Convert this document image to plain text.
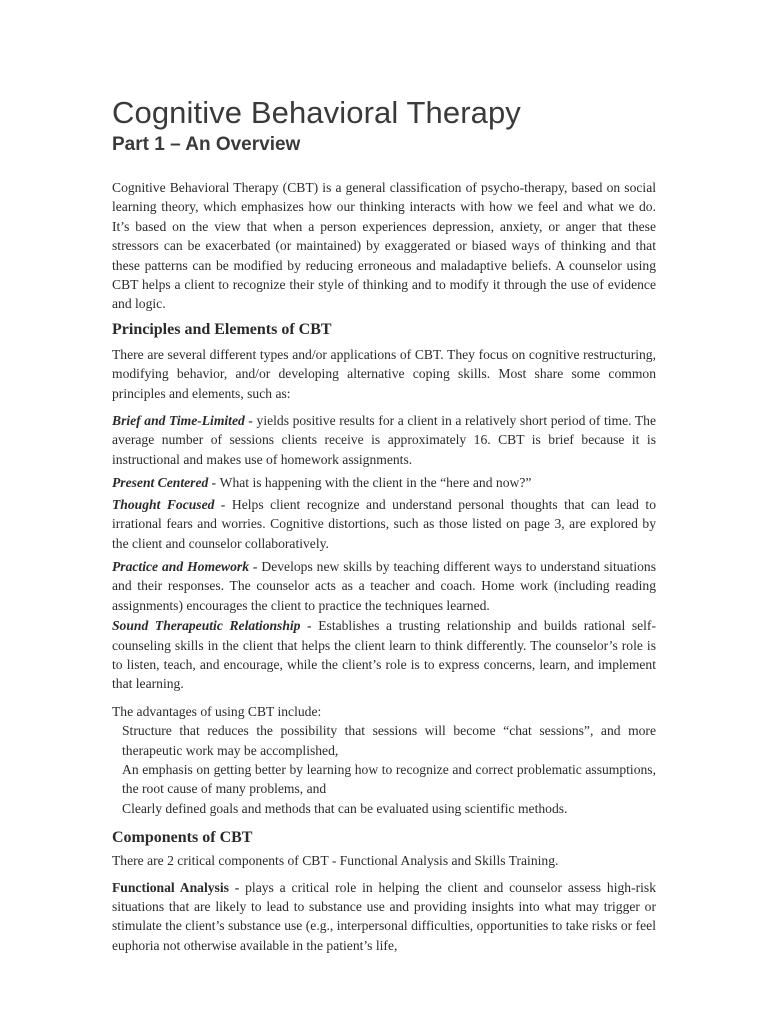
Cognitive Behavioral Therapy
Part 1 – An Overview

Cognitive Behavioral Therapy (CBT) is a general classification of psycho-therapy, based on social learning theory, which emphasizes how our thinking interacts with how we feel and what we do. It’s based on the view that when a person experiences depression, anxiety, or anger that these stressors can be exacerbated (or maintained) by exaggerated or biased ways of thinking and that these patterns can be modified by reducing erroneous and maladaptive beliefs. A counselor using CBT helps a client to recognize their style of thinking and to modify it through the use of evidence and logic.

Principles and Elements of CBT

There are several different types and/or applications of CBT. They focus on cognitive restructuring, modifying behavior, and/or developing alternative coping skills. Most share some common principles and elements, such as:

Brief and Time-Limited - yields positive results for a client in a relatively short period of time. The average number of sessions clients receive is approximately 16. CBT is brief because it is instructional and makes use of homework assignments.

Present Centered - What is happening with the client in the “here and now?”

Thought Focused - Helps client recognize and understand personal thoughts that can lead to irrational fears and worries. Cognitive distortions, such as those listed on page 3, are explored by the client and counselor collaboratively.

Practice and Homework - Develops new skills by teaching different ways to understand situations and their responses. The counselor acts as a teacher and coach. Home work (including reading assignments) encourages the client to practice the techniques learned.

Sound Therapeutic Relationship - Establishes a trusting relationship and builds rational self-counseling skills in the client that helps the client learn to think differently. The counselor’s role is to listen, teach, and encourage, while the client’s role is to express concerns, learn, and implement that learning.

The advantages of using CBT include:

Structure that reduces the possibility that sessions will become “chat sessions”, and more therapeutic work may be accomplished,
An emphasis on getting better by learning how to recognize and correct problematic assumptions, the root cause of many problems, and
Clearly defined goals and methods that can be evaluated using scientific methods.
Components of CBT

There are 2 critical components of CBT - Functional Analysis and Skills Training.

Functional Analysis - plays a critical role in helping the client and counselor assess high-risk situations that are likely to lead to substance use and providing insights into what may trigger or stimulate the client’s substance use (e.g., interpersonal difficulties, opportunities to take risks or feel euphoria not otherwise available in the patient’s life,
